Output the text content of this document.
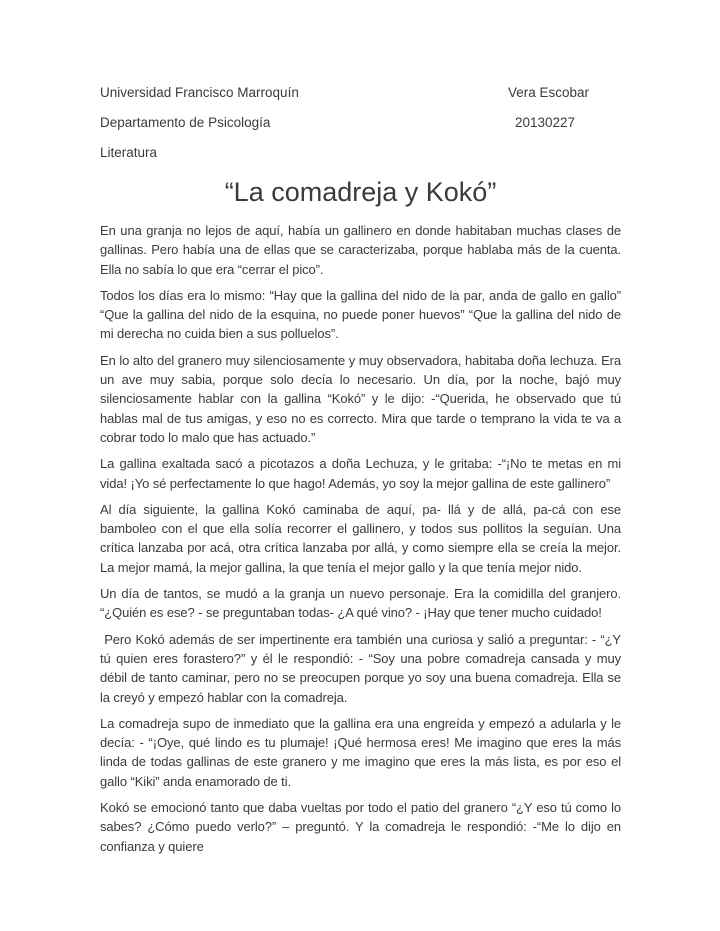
Universidad Francisco Marroquín	Vera Escobar
Departamento de Psicología	20130227
Literatura
“La comadreja y Kokó”

En una granja no lejos de aquí, había un gallinero en donde habitaban muchas clases de gallinas. Pero había una de ellas que se caracterizaba, porque hablaba más de la cuenta. Ella no sabía lo que era “cerrar el pico”.

Todos los días era lo mismo: “Hay que la gallina del nido de la par, anda de gallo en gallo” “Que la gallina del nido de la esquina, no puede poner huevos” “Que la gallina del nido de mi derecha no cuida bien a sus polluelos”.

En lo alto del granero muy silenciosamente y muy observadora, habitaba doña lechuza. Era un ave muy sabia, porque solo decía lo necesario. Un día, por la noche, bajó muy silenciosamente hablar con la gallina “Kokó” y le dijo: -“Querida, he observado que tú hablas mal de tus amigas, y eso no es correcto. Mira que tarde o temprano la vida te va a cobrar todo lo malo que has actuado.”

La gallina exaltada sacó a picotazos a doña Lechuza, y le gritaba: -“¡No te metas en mi vida! ¡Yo sé perfectamente lo que hago! Además, yo soy la mejor gallina de este gallinero”

Al día siguiente, la gallina Kokó caminaba de aquí, pa- llá y de allá, pa-cá con ese bamboleo con el que ella solía recorrer el gallinero, y todos sus pollitos la seguían. Una crítica lanzaba por acá, otra crítica lanzaba por allá, y como siempre ella se creía la mejor. La mejor mamá, la mejor gallina, la que tenía el mejor gallo y la que tenía mejor nido.

Un día de tantos, se mudó a la granja un nuevo personaje. Era la comidilla del granjero. “¿Quién es ese? - se preguntaban todas- ¿A qué vino? - ¡Hay que tener mucho cuidado!

Pero Kokó además de ser impertinente era también una curiosa y salió a preguntar: - “¿Y tú quien eres forastero?” y él le respondió: - “Soy una pobre comadreja cansada y muy débil de tanto caminar, pero no se preocupen porque yo soy una buena comadreja. Ella se la creyó y empezó hablar con la comadreja.

La comadreja supo de inmediato que la gallina era una engreída y empezó a adularla y le decía: - “¡Oye, qué lindo es tu plumaje! ¡Qué hermosa eres! Me imagino que eres la más linda de todas gallinas de este granero y me imagino que eres la más lista, es por eso el gallo “Kiki” anda enamorado de ti.

Kokó se emocionó tanto que daba vueltas por todo el patio del granero “¿Y eso tú como lo sabes? ¿Cómo puedo verlo?” – preguntó. Y la comadreja le respondió: -“Me lo dijo en confianza y quiere
